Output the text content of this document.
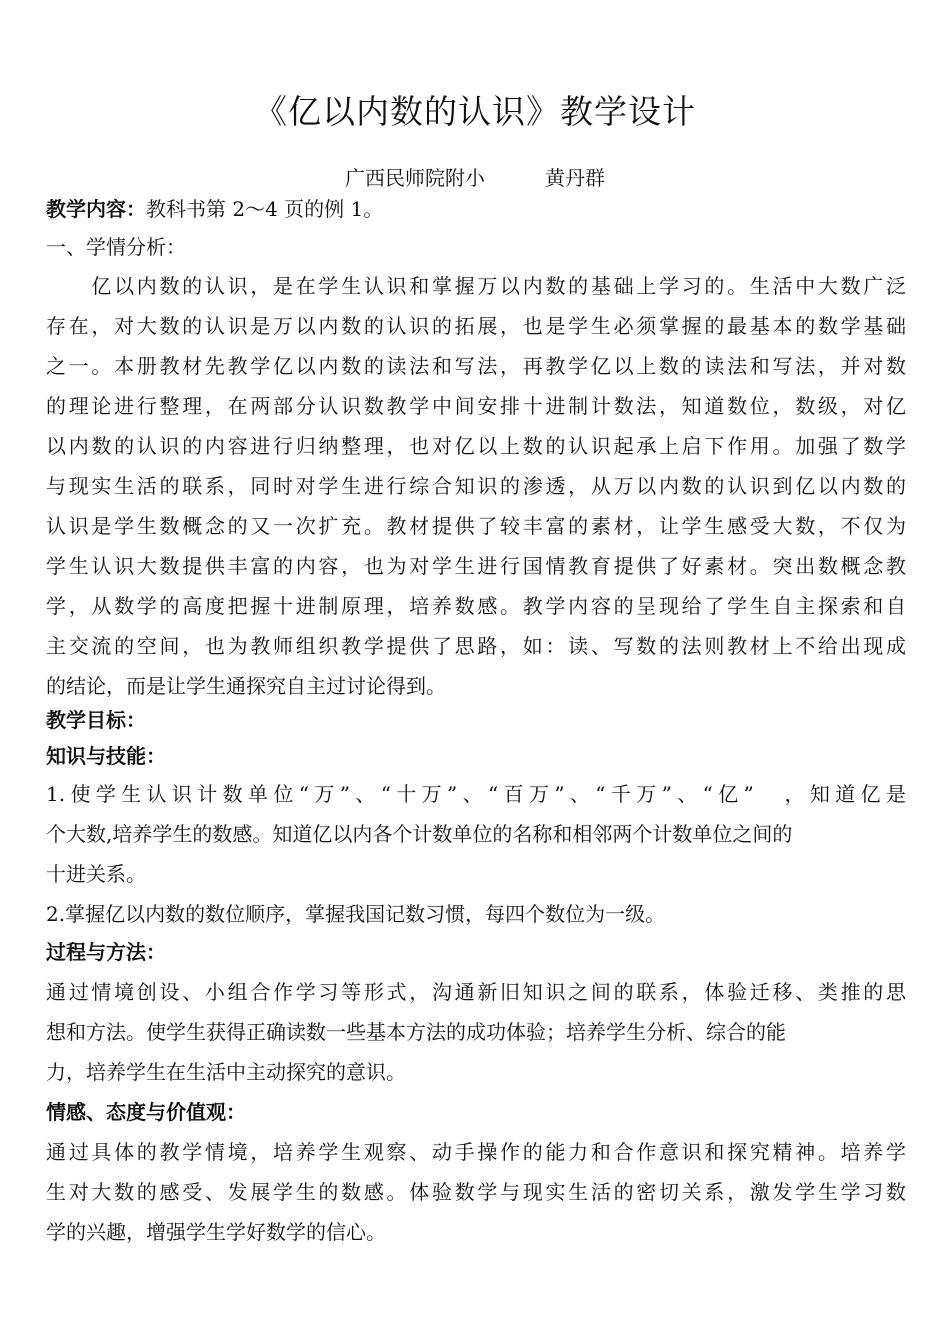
《亿以内数的认识》教学设计
广西民师院附小　　　黄丹群
教学内容：教科书第 2～4 页的例 1。
一、学情分析：
　　亿以内数的认识，是在学生认识和掌握万以内数的基础上学习的。生活中大数广泛
存在，对大数的认识是万以内数的认识的拓展，也是学生必须掌握的最基本的数学基础
之一。本册教材先教学亿以内数的读法和写法，再教学亿以上数的读法和写法，并对数
的理论进行整理，在两部分认识数教学中间安排十进制计数法，知道数位，数级，对亿
以内数的认识的内容进行归纳整理，也对亿以上数的认识起承上启下作用。加强了数学
与现实生活的联系，同时对学生进行综合知识的渗透，从万以内数的认识到亿以内数的
认识是学生数概念的又一次扩充。教材提供了较丰富的素材，让学生感受大数，不仅为
学生认识大数提供丰富的内容，也为对学生进行国情教育提供了好素材。突出数概念教
学，从数学的高度把握十进制原理，培养数感。教学内容的呈现给了学生自主探索和自
主交流的空间，也为教师组织教学提供了思路，如：读、写数的法则教材上不给出现成
的结论，而是让学生通探究自主过讨论得到。
教学目标：
知识与技能：
1.使学生认识计数单位“万”、“十万”、“百万”、“千万”、“亿”　，知道亿是
个大数,培养学生的数感。知道亿以内各个计数单位的名称和相邻两个计数单位之间的
十进关系。
2.掌握亿以内数的数位顺序，掌握我国记数习惯，每四个数位为一级。
过程与方法：
通过情境创设、小组合作学习等形式，沟通新旧知识之间的联系，体验迁移、类推的思
想和方法。使学生获得正确读数一些基本方法的成功体验；培养学生分析、综合的能
力，培养学生在生活中主动探究的意识。
情感、态度与价值观：
通过具体的教学情境，培养学生观察、动手操作的能力和合作意识和探究精神。培养学
生对大数的感受、发展学生的数感。体验数学与现实生活的密切关系，激发学生学习数
学的兴趣，增强学生学好数学的信心。
